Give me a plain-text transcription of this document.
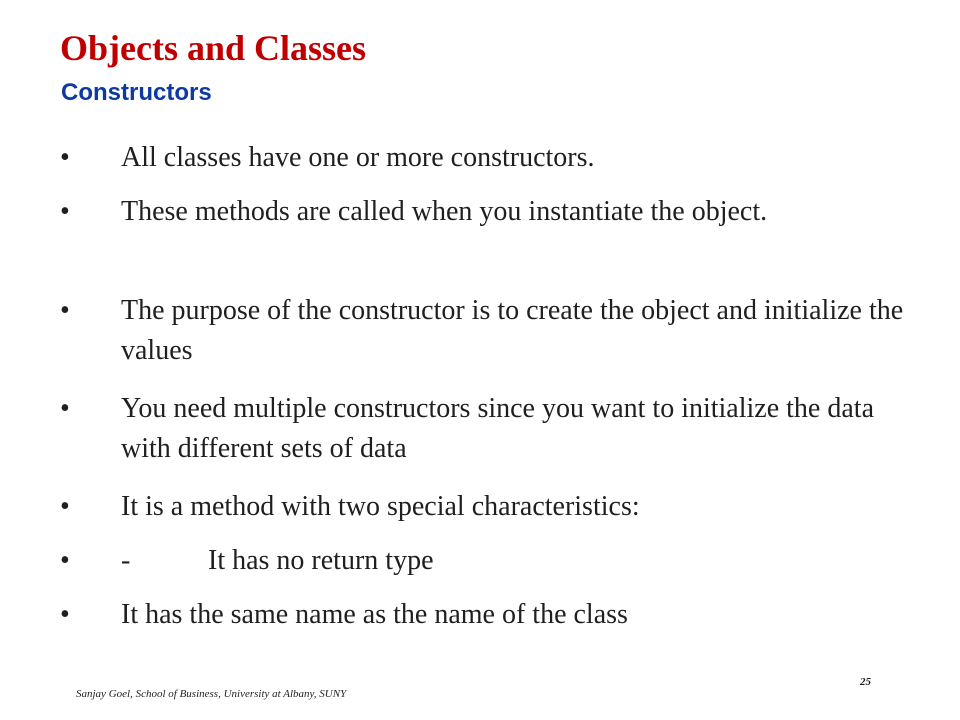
Objects and Classes
Constructors
• All classes have one or more constructors.
• These methods are called when you instantiate the object.
• The purpose of the constructor is to create the object and initialize the values
• You need multiple constructors since you want to initialize the data with different sets of data
• It is a method with two special characteristics:
• -	It has no return type
• It has the same name as the name of the class
Sanjay Goel, School of Business, University at Albany, SUNY
25
